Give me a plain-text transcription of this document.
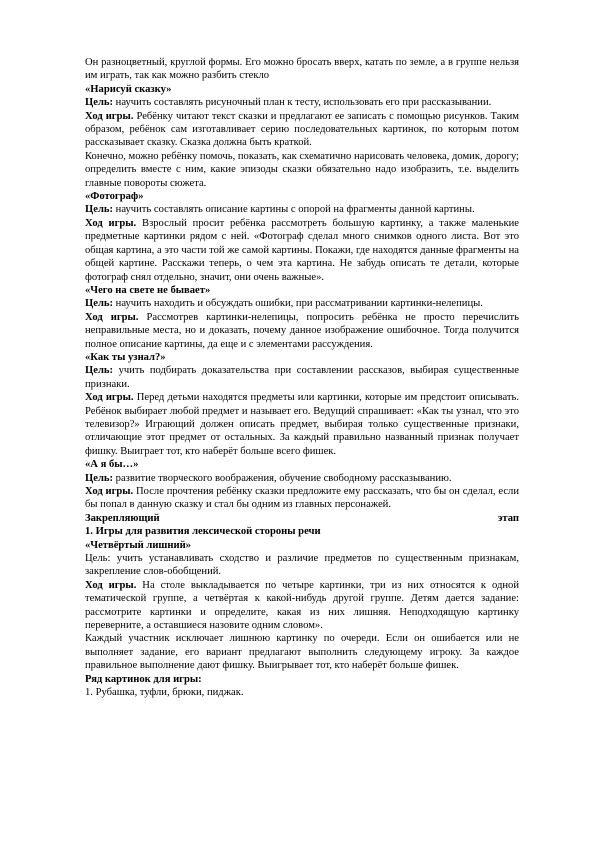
Он разноцветный, круглой формы. Его можно бросать вверх, катать по земле, а в группе нельзя им играть, так как можно разбить стекло

«Нарисуй сказку»

Цель: научить составлять рисуночный план к тесту, использовать его при рассказывании.

Ход игры. Ребёнку читают текст сказки и предлагают ее записать с помощью рисунков. Таким образом, ребёнок сам изготавливает серию последовательных картинок, по которым потом рассказывает сказку. Сказка должна быть краткой.

Конечно, можно ребёнку помочь, показать, как схематично нарисовать человека, домик, дорогу; определить вместе с ним, какие эпизоды сказки обязательно надо изобразить, т.е. выделить главные повороты сюжета.

«Фотограф»

Цель: научить составлять описание картины с опорой на фрагменты данной картины.

Ход игры. Взрослый просит ребёнка рассмотреть большую картинку, а также маленькие предметные картинки рядом с ней. «Фотограф сделал много снимков одного листа. Вот это общая картина, а это части той же самой картины. Покажи, где находятся данные фрагменты на общей картине. Расскажи теперь, о чем эта картина. Не забудь описать те детали, которые фотограф снял отдельно, значит, они очень важные».

«Чего на свете не бывает»

Цель: научить находить и обсуждать ошибки, при рассматривании картинки-нелепицы.

Ход игры. Рассмотрев картинки-нелепицы, попросить ребёнка не просто перечислить неправильные места, но и доказать, почему данное изображение ошибочное. Тогда получится полное описание картины, да еще и с элементами рассуждения.

«Как ты узнал?»

Цель: учить подбирать доказательства при составлении рассказов, выбирая существенные признаки.

Ход игры. Перед детьми находятся предметы или картинки, которые им предстоит описывать. Ребёнок выбирает любой предмет и называет его. Ведущий спрашивает: «Как ты узнал, что это телевизор?» Играющий должен описать предмет, выбирая только существенные признаки, отличающие этот предмет от остальных. За каждый правильно названный признак получает фишку. Выиграет тот, кто наберёт больше всего фишек.

«А я бы…»

Цель: развитие творческого воображения, обучение свободному рассказыванию.

Ход игры. После прочтения ребёнку сказки предложите ему рассказать, что бы он сделал, если бы попал в данную сказку и стал бы одним из главных персонажей.

Закрепляющий	этап

1. Игры для развития лексической стороны речи

«Четвёртый лишний»

Цель: учить устанавливать сходство и различие предметов по существенным признакам, закрепление слов-обобщений.

Ход игры. На столе выкладывается по четыре картинки, три из них относятся к одной тематической группе, а четвёртая к какой-нибудь другой группе. Детям дается задание: рассмотрите картинки и определите, какая из них лишняя. Неподходящую картинку переверните, а оставшиеся назовите одним словом».

Каждый участник исключает лишнюю картинку по очереди. Если он ошибается или не выполняет задание, его вариант предлагают выполнить следующему игроку. За каждое правильное выполнение дают фишку. Выигрывает тот, кто наберёт больше фишек.

Ряд картинок для игры:

1. Рубашка, туфли, брюки, пиджак.
